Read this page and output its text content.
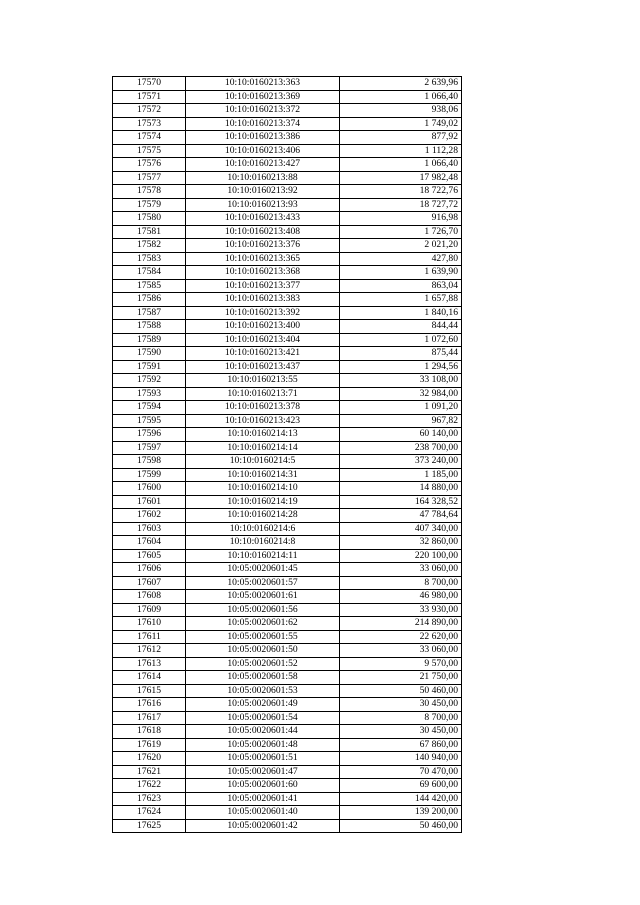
17570	10:10:0160213:363	2 639,96
17571	10:10:0160213:369	1 066,40
17572	10:10:0160213:372	938,06
17573	10:10:0160213:374	1 749,02
17574	10:10:0160213:386	877,92
17575	10:10:0160213:406	1 112,28
17576	10:10:0160213:427	1 066,40
17577	10:10:0160213:88	17 982,48
17578	10:10:0160213:92	18 722,76
17579	10:10:0160213:93	18 727,72
17580	10:10:0160213:433	916,98
17581	10:10:0160213:408	1 726,70
17582	10:10:0160213:376	2 021,20
17583	10:10:0160213:365	427,80
17584	10:10:0160213:368	1 639,90
17585	10:10:0160213:377	863,04
17586	10:10:0160213:383	1 657,88
17587	10:10:0160213:392	1 840,16
17588	10:10:0160213:400	844,44
17589	10:10:0160213:404	1 072,60
17590	10:10:0160213:421	875,44
17591	10:10:0160213:437	1 294,56
17592	10:10:0160213:55	33 108,00
17593	10:10:0160213:71	32 984,00
17594	10:10:0160213:378	1 091,20
17595	10:10:0160213:423	967,82
17596	10:10:0160214:13	60 140,00
17597	10:10:0160214:14	238 700,00
17598	10:10:0160214:5	373 240,00
17599	10:10:0160214:31	1 185,00
17600	10:10:0160214:10	14 880,00
17601	10:10:0160214:19	164 328,52
17602	10:10:0160214:28	47 784,64
17603	10:10:0160214:6	407 340,00
17604	10:10:0160214:8	32 860,00
17605	10:10:0160214:11	220 100,00
17606	10:05:0020601:45	33 060,00
17607	10:05:0020601:57	8 700,00
17608	10:05:0020601:61	46 980,00
17609	10:05:0020601:56	33 930,00
17610	10:05:0020601:62	214 890,00
17611	10:05:0020601:55	22 620,00
17612	10:05:0020601:50	33 060,00
17613	10:05:0020601:52	9 570,00
17614	10:05:0020601:58	21 750,00
17615	10:05:0020601:53	50 460,00
17616	10:05:0020601:49	30 450,00
17617	10:05:0020601:54	8 700,00
17618	10:05:0020601:44	30 450,00
17619	10:05:0020601:48	67 860,00
17620	10:05:0020601:51	140 940,00
17621	10:05:0020601:47	70 470,00
17622	10:05:0020601:60	69 600,00
17623	10:05:0020601:41	144 420,00
17624	10:05:0020601:40	139 200,00
17625	10:05:0020601:42	50 460,00
